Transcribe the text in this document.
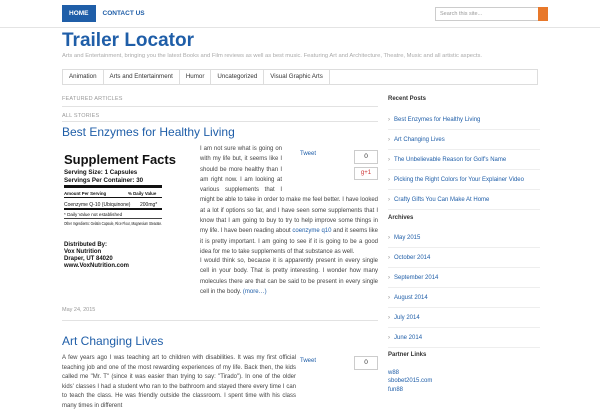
HOME	CONTACT US	Search this site...
Trailer Locator
Arts and Entertainment, bringing you the latest Books and Film reviews as well as best music. Featuring Art and Architecture, Theatre, Music and all artistic aspects.
Animation	Arts and Entertainment	Humor	Uncategorized	Visual Graphic Arts
FEATURED ARTICLES
ALL STORIES
Best Enzymes for Healthy Living
Supplement Facts
Serving Size: 1 Capsules
Servings Per Container: 30
Amount Per Serving	% Daily Value
Coenzyme Q-10 (Ubiquinone) 200mg*
* Daily Value not established
Other Ingredients: Gelatin Capsule, Rice Flour, Magnesium Stearate.
Distributed By:
Vox Nutrition
Draper, UT 84020
www.VoxNutrition.com
Tweet	0
g+1
I am not sure what is going on with my life but, it seems like I should be more healthy than I am right now. I am looking at various supplements that I might be able to take in order to make me feel better. I have looked at a lot if options so far, and I have seen some supplements that I know that I am going to buy to try to help improve some things in my life. I have been reading about coenzyme q10 and it seems like it is pretty important. I am going to see if it is going to be a good idea for me to take supplements of that substance as well.
I would think so, because it is apparently present in every single cell in your body. That is pretty interesting. I wonder how many molecules there are that can be said to be present in every single cell in the body. (more…)
May 24, 2015
Art Changing Lives
Tweet	0
A few years ago I was teaching art to children with disabilities. It was my first official teaching job and one of the most rewarding experiences of my life. Back then, the kids called me "Mr. T" (since it was easier than trying to say: "Tirado"). In one of the older kids' classes I had a student who ran to the bathroom and stayed there every time I can to teach the class. He was friendly outside the classroom. I spent time with his class many times in different
Recent Posts
› Best Enzymes for Healthy Living
› Art Changing Lives
› The Unbelievable Reason for Golf's Name
› Picking the Right Colors for Your Explainer Video
› Crafty Gifts You Can Make At Home
Archives
› May 2015
› October 2014
› September 2014
› August 2014
› July 2014
› June 2014
Partner Links
w88
sbobet2015.com
fun88
